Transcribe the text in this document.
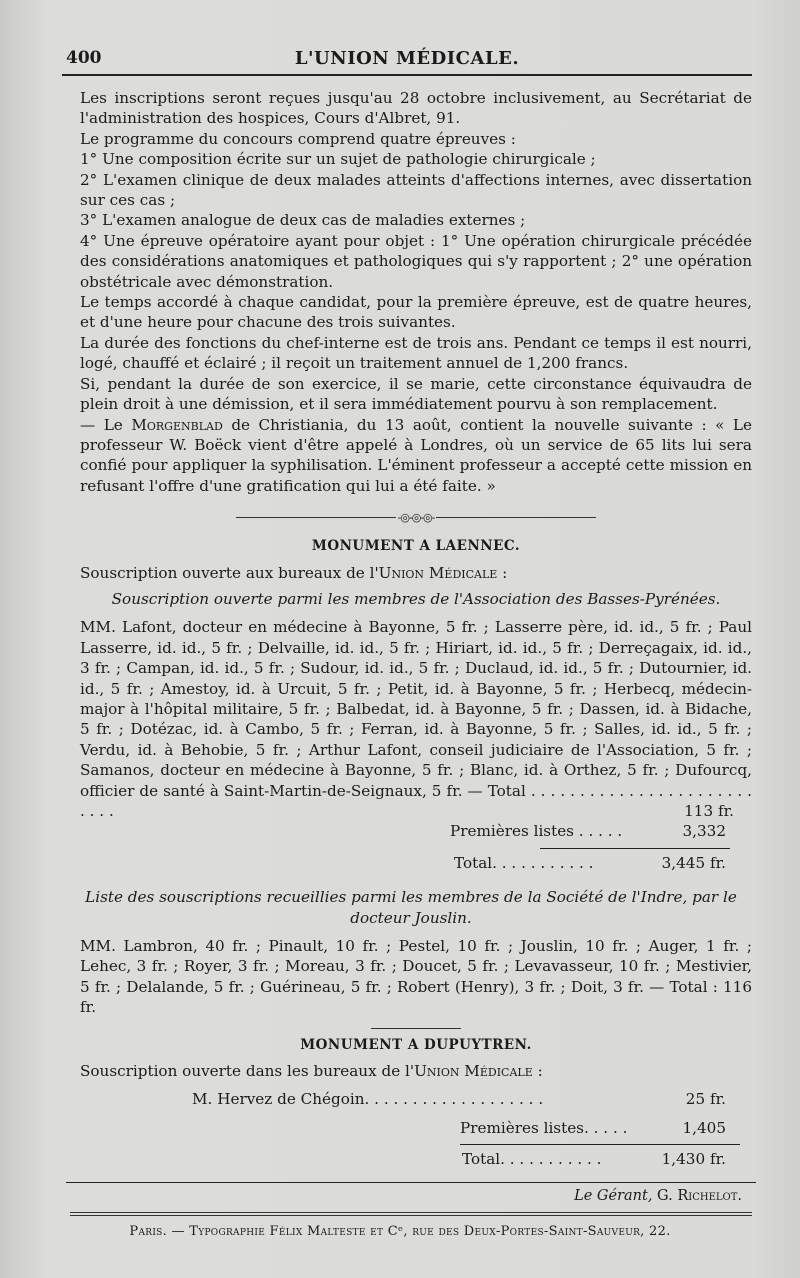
400	L'UNION MÉDICALE.

Les inscriptions seront reçues jusqu'au 28 octobre inclusivement, au Secrétariat de l'administration des hospices, Cours d'Albret, 91.

Le programme du concours comprend quatre épreuves :

1° Une composition écrite sur un sujet de pathologie chirurgicale ;

2° L'examen clinique de deux malades atteints d'affections internes, avec dissertation sur ces cas ;

3° L'examen analogue de deux cas de maladies externes ;

4° Une épreuve opératoire ayant pour objet : 1° Une opération chirurgicale précédée des considérations anatomiques et pathologiques qui s'y rapportent ; 2° une opération obstétricale avec démonstration.

Le temps accordé à chaque candidat, pour la première épreuve, est de quatre heures, et d'une heure pour chacune des trois suivantes.

La durée des fonctions du chef-interne est de trois ans. Pendant ce temps il est nourri, logé, chauffé et éclairé ; il reçoit un traitement annuel de 1,200 francs.

Si, pendant la durée de son exercice, il se marie, cette circonstance équivaudra de plein droit à une démission, et il sera immédiatement pourvu à son remplacement.

— Le Morgenblad de Christiania, du 13 août, contient la nouvelle suivante : « Le professeur W. Boëck vient d'être appelé à Londres, où un service de 65 lits lui sera confié pour appliquer la syphilisation. L'éminent professeur a accepté cette mission en refusant l'offre d'une gratification qui lui a été faite. »

-◎-◎-◎-
MONUMENT A LAENNEC.

Souscription ouverte aux bureaux de l'Union Médicale :

Souscription ouverte parmi les membres de l'Association des Basses-Pyrénées.

MM. Lafont, docteur en médecine à Bayonne, 5 fr. ; Lasserre père, id. id., 5 fr. ; Paul Lasserre, id. id., 5 fr. ; Delvaille, id. id., 5 fr. ; Hiriart, id. id., 5 fr. ; Derreçagaix, id. id., 3 fr. ; Campan, id. id., 5 fr. ; Sudour, id. id., 5 fr. ; Duclaud, id. id., 5 fr. ; Dutournier, id. id., 5 fr. ; Amestoy, id. à Urcuit, 5 fr. ; Petit, id. à Bayonne, 5 fr. ; Herbecq, médecin-major à l'hôpital militaire, 5 fr. ; Balbedat, id. à Bayonne, 5 fr. ; Dassen, id. à Bidache, 5 fr. ; Dotézac, id. à Cambo, 5 fr. ; Ferran, id. à Bayonne, 5 fr. ; Salles, id. id., 5 fr. ; Verdu, id. à Behobie, 5 fr. ; Arthur Lafont, conseil judiciaire de l'Association, 5 fr. ; Samanos, docteur en médecine à Bayonne, 5 fr. ; Blanc, id. à Orthez, 5 fr. ; Dufourcq, officier de santé à Saint-Martin-de-Seignaux, 5 fr. — Total . . . . . . . . . . . . . . . . . . . . . . . . . . .	113 fr.

Premières listes . . . . .	3,332
Total. . . . . . . . . . .	3,445 fr.
Liste des souscriptions recueillies parmi les membres de la Société de l'Indre, par le docteur Jouslin.

MM. Lambron, 40 fr. ; Pinault, 10 fr. ; Pestel, 10 fr. ; Jouslin, 10 fr. ; Auger, 1 fr. ; Lehec, 3 fr. ; Royer, 3 fr. ; Moreau, 3 fr. ; Doucet, 5 fr. ; Levavasseur, 10 fr. ; Mestivier, 5 fr. ; Delalande, 5 fr. ; Guérineau, 5 fr. ; Robert (Henry), 3 fr. ; Doit, 3 fr. — Total : 116 fr.

MONUMENT A DUPUYTREN.

Souscription ouverte dans les bureaux de l'Union Médicale :

M. Hervez de Chégoin. . . . . . . . . . . . . . . . . . .	25 fr.
Premières listes. . . . .	1,405
Total. . . . . . . . . . .	1,430 fr.
Le Gérant, G. Richelot.
Paris. — Typographie Félix Malteste et Cᵉ, rue des Deux-Portes-Saint-Sauveur, 22.
